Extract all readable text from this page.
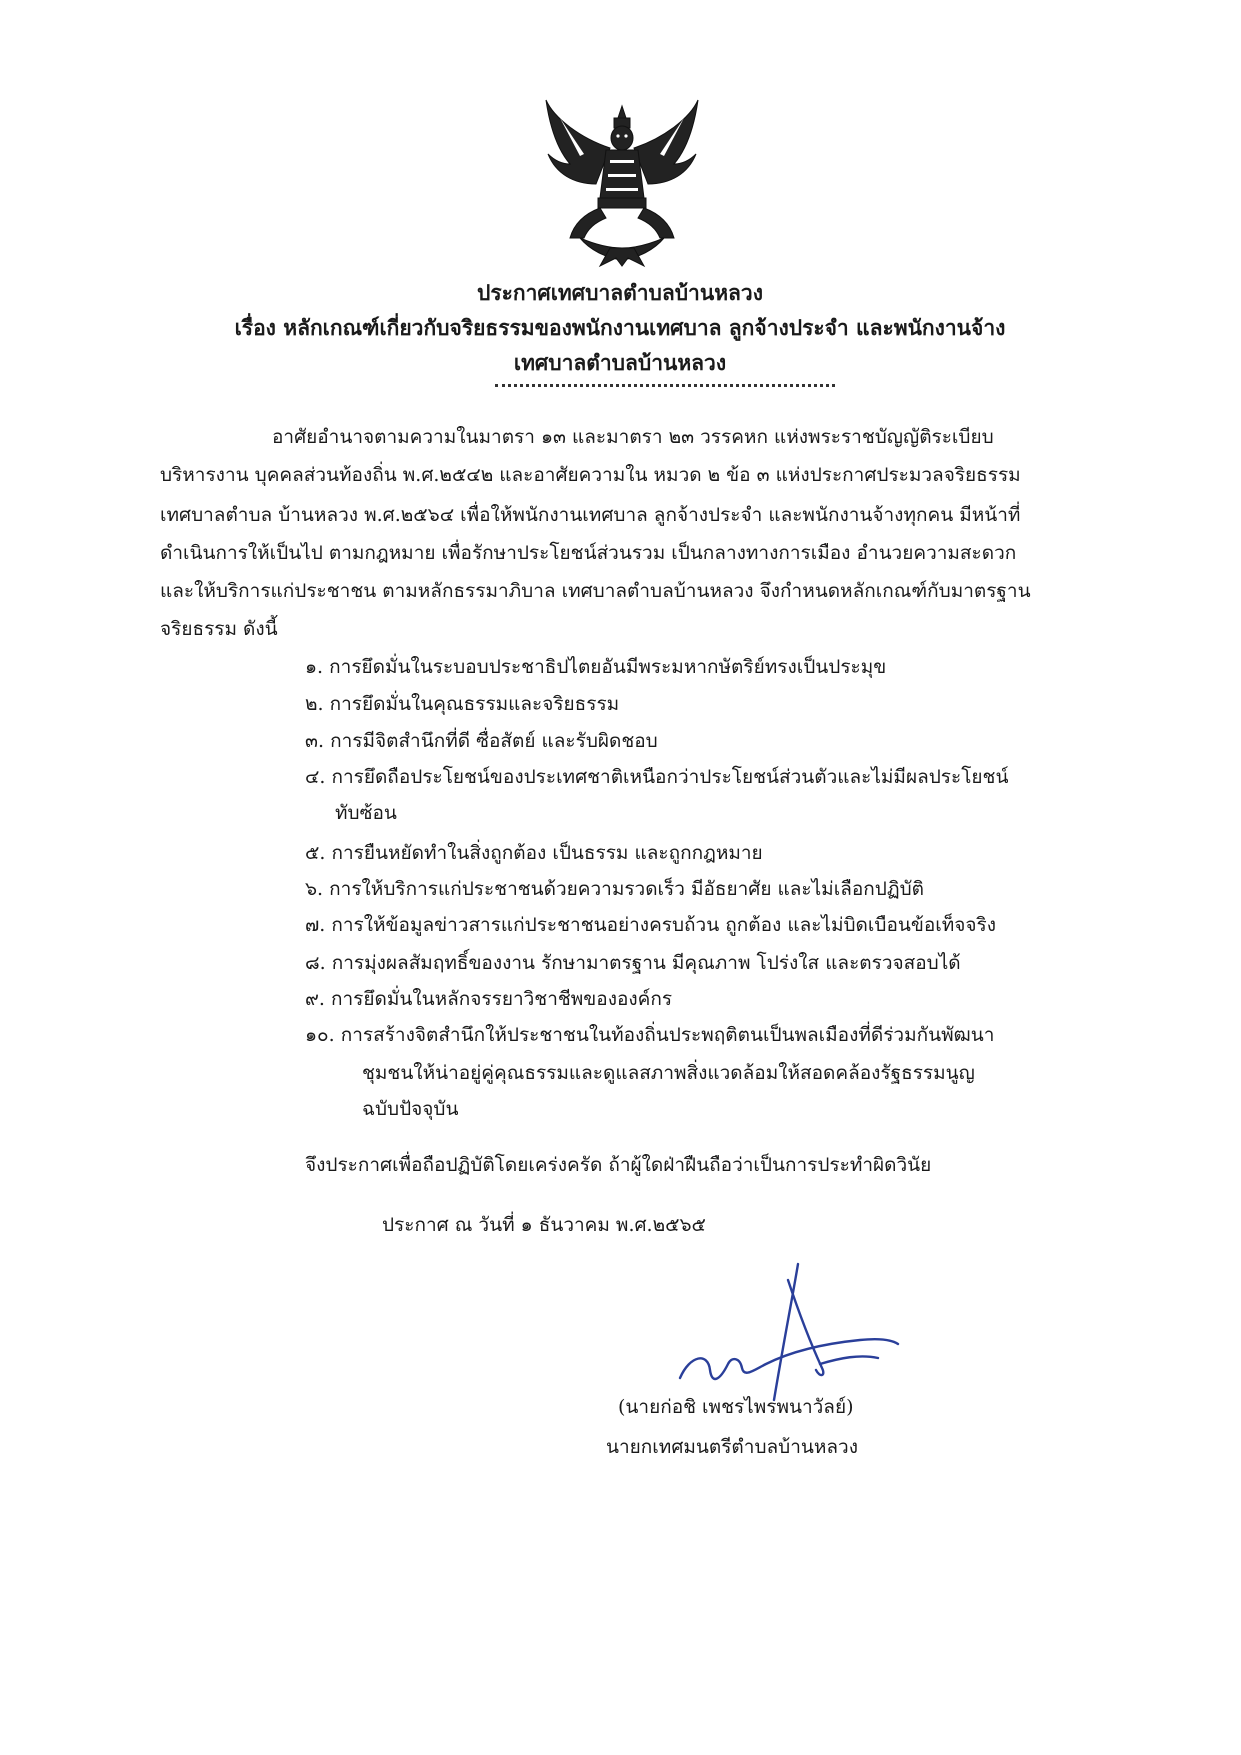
ประกาศเทศบาลตำบลบ้านหลวง
เรื่อง หลักเกณฑ์เกี่ยวกับจริยธรรมของพนักงานเทศบาล ลูกจ้างประจำ และพนักงานจ้าง
เทศบาลตำบลบ้านหลวง
อาศัยอำนาจตามความในมาตรา ๑๓ และมาตรา ๒๓ วรรคหก แห่งพระราชบัญญัติระเบียบ
บริหารงาน บุคคลส่วนท้องถิ่น พ.ศ.๒๕๔๒ และอาศัยความใน หมวด ๒ ข้อ ๓ แห่งประกาศประมวลจริยธรรม
เทศบาลตำบล บ้านหลวง พ.ศ.๒๕๖๔ เพื่อให้พนักงานเทศบาล ลูกจ้างประจำ และพนักงานจ้างทุกคน มีหน้าที่
ดำเนินการให้เป็นไป ตามกฎหมาย เพื่อรักษาประโยชน์ส่วนรวม เป็นกลางทางการเมือง อำนวยความสะดวก
และให้บริการแก่ประชาชน ตามหลักธรรมาภิบาล เทศบาลตำบลบ้านหลวง จึงกำหนดหลักเกณฑ์กับมาตรฐาน
จริยธรรม ดังนี้
๑. การยึดมั่นในระบอบประชาธิปไตยอันมีพระมหากษัตริย์ทรงเป็นประมุข
๒. การยึดมั่นในคุณธรรมและจริยธรรม
๓. การมีจิตสำนึกที่ดี ซื่อสัตย์ และรับผิดชอบ
๔. การยึดถือประโยชน์ของประเทศชาติเหนือกว่าประโยชน์ส่วนตัวและไม่มีผลประโยชน์
ทับซ้อน
๕. การยืนหยัดทำในสิ่งถูกต้อง เป็นธรรม และถูกกฎหมาย
๖. การให้บริการแก่ประชาชนด้วยความรวดเร็ว มีอัธยาศัย และไม่เลือกปฏิบัติ
๗. การให้ข้อมูลข่าวสารแก่ประชาชนอย่างครบถ้วน ถูกต้อง และไม่บิดเบือนข้อเท็จจริง
๘. การมุ่งผลสัมฤทธิ์ของงาน รักษามาตรฐาน มีคุณภาพ โปร่งใส และตรวจสอบได้
๙. การยึดมั่นในหลักจรรยาวิชาชีพขององค์กร
๑๐. การสร้างจิตสำนึกให้ประชาชนในท้องถิ่นประพฤติตนเป็นพลเมืองที่ดีร่วมกันพัฒนา
ชุมชนให้น่าอยู่คู่คุณธรรมและดูแลสภาพสิ่งแวดล้อมให้สอดคล้องรัฐธรรมนูญ
ฉบับปัจจุบัน
จึงประกาศเพื่อถือปฏิบัติโดยเคร่งครัด ถ้าผู้ใดฝ่าฝืนถือว่าเป็นการประทำผิดวินัย
ประกาศ ณ วันที่ ๑ ธันวาคม พ.ศ.๒๕๖๕
(นายก่อชิ เพชรไพรพนาวัลย์)
นายกเทศมนตรีตำบลบ้านหลวง
